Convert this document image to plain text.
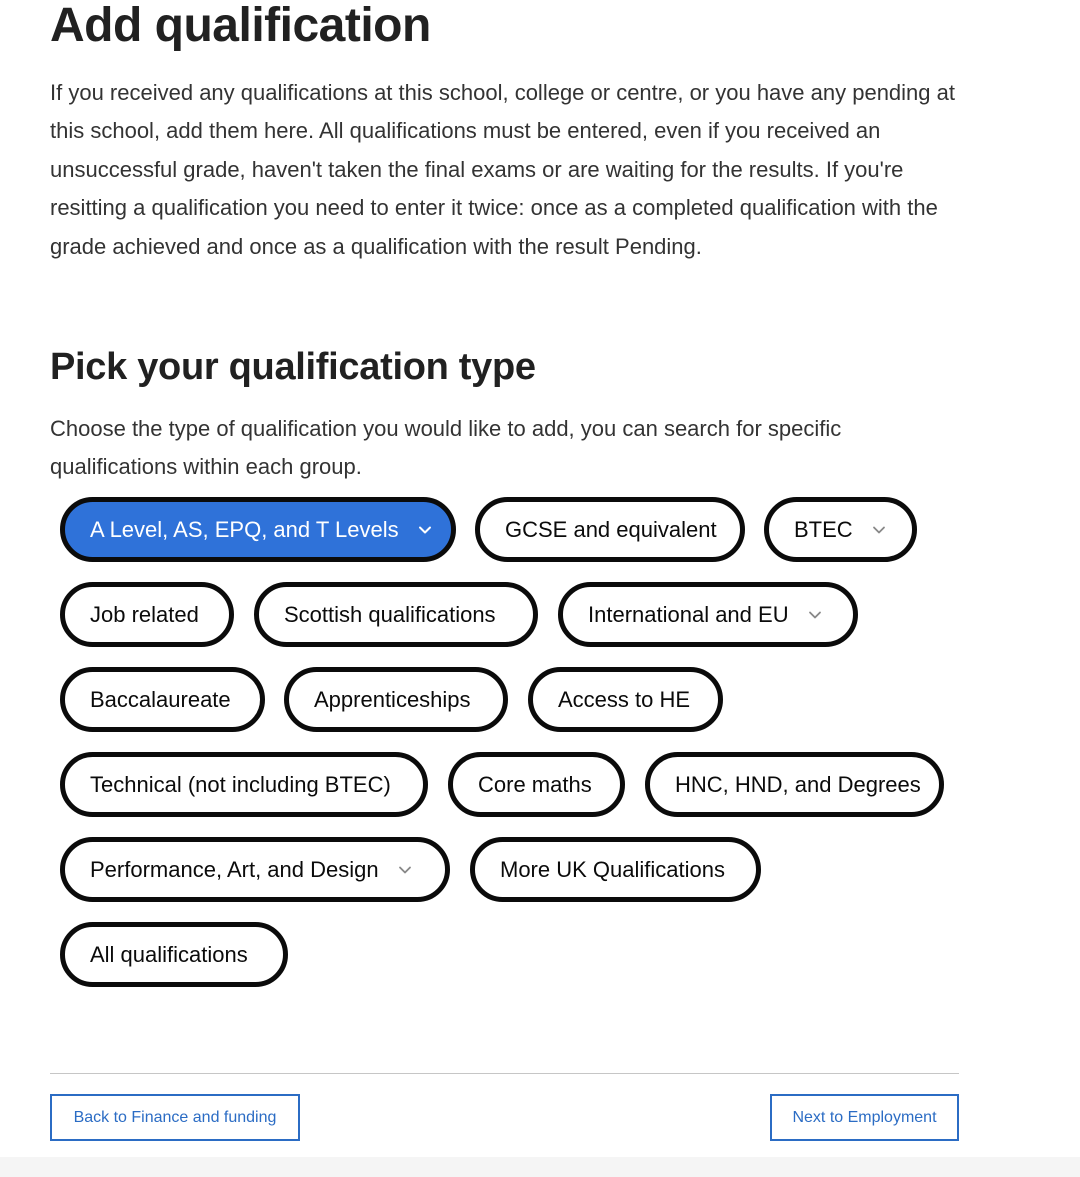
Add qualification

If you received any qualifications at this school, college or centre, or you have any pending at this school, add them here. All qualifications must be entered, even if you received an unsuccessful grade, haven't taken the final exams or are waiting for the results. If you're resitting a qualification you need to enter it twice: once as a completed qualification with the grade achieved and once as a qualification with the result Pending.

Pick your qualification type

Choose the type of qualification you would like to add, you can search for specific qualifications within each group.

A Level, AS, EPQ, and T Levels	GCSE and equivalent	BTEC
Job related	Scottish qualifications	International and EU
Baccalaureate	Apprenticeships	Access to HE
Technical (not including BTEC)	Core maths	HNC, HND, and Degrees
Performance, Art, and Design	More UK Qualifications
All qualifications
Back to Finance and funding	Next to Employment
